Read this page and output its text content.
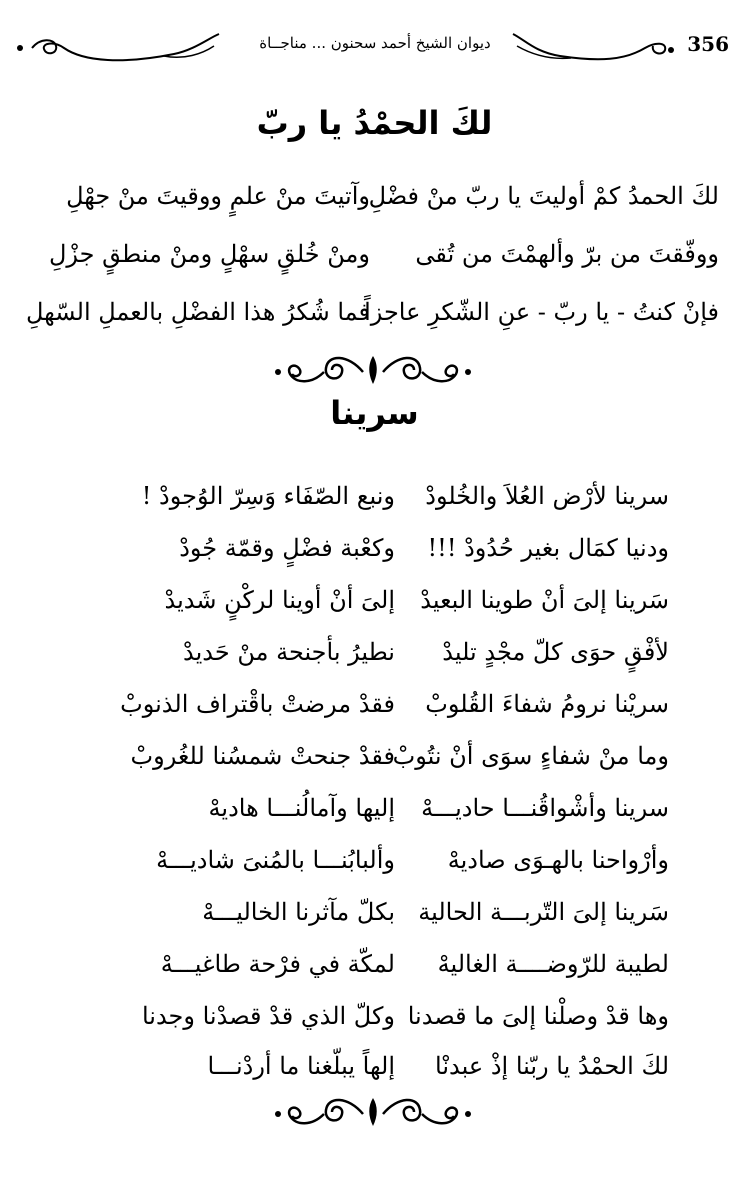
ديوان الشيخ أحمد سحنون ... مناجــاة	356
لكَ الحمْدُ يا ربّ
لكَ الحمدُ كمْ أوليتَ يا ربّ منْ فضْلِ
وآتيتَ منْ علمٍ ووقيتَ منْ جهْلِ
ووفّقتَ من برّ وألهمْتَ من تُقى
ومنْ خُلقٍ سهْلٍ ومنْ منطقٍ جزْلِ
فإنْ كنتُ - يا ربّ - عنِ الشّكرِ عاجزاً
فما شُكرُ هذا الفضْلِ بالعملِ السّهلِ
سرينا
سرينا لأرْض العُلاَ والخُلودْ
ونبع الصّفَاء وَسِرّ الوُجودْ !
ودنيا كمَال بغير حُدُودْ !!!
وكعْبة فضْلٍ وقمّة جُودْ
سَرينا إلىَ أنْ طوينا البعيدْ
إلىَ أنْ أوينا لركْنٍ شَديدْ
لأفْقٍ حوَى كلّ مجْدٍ تليدْ
نطيرُ بأجنحة منْ حَديدْ
سريْنا نرومُ شفاءَ القُلوبْ
فقدْ مرضتْ باقْتراف الذنوبْ
وما منْ شفاءٍ سوَى أنْ نتُوبْ
فقدْ جنحتْ شمسُنا للغُروبْ
سرينا وأشْواقُنـــا حاديـــهْ
إليها وآمالُنـــا هاديهْ
وأرْواحنا بالهـوَى صاديهْ
وألبابُنـــا بالمُنىَ شاديـــهْ
سَرينا إلىَ التّربـــة الحالية
بكلّ مآثرنا الخاليـــهْ
لطيبة للرّوضــــة الغاليهْ
لمكّة في فرْحة طاغيـــهْ
وها قدْ وصلْنا إلىَ ما قصدنا
وكلّ الذي قدْ قصدْنا وجدنا
لكَ الحمْدُ يا ربّنا إذْ عبدنْا
إلهاً يبلّغنا ما أردْنـــا
